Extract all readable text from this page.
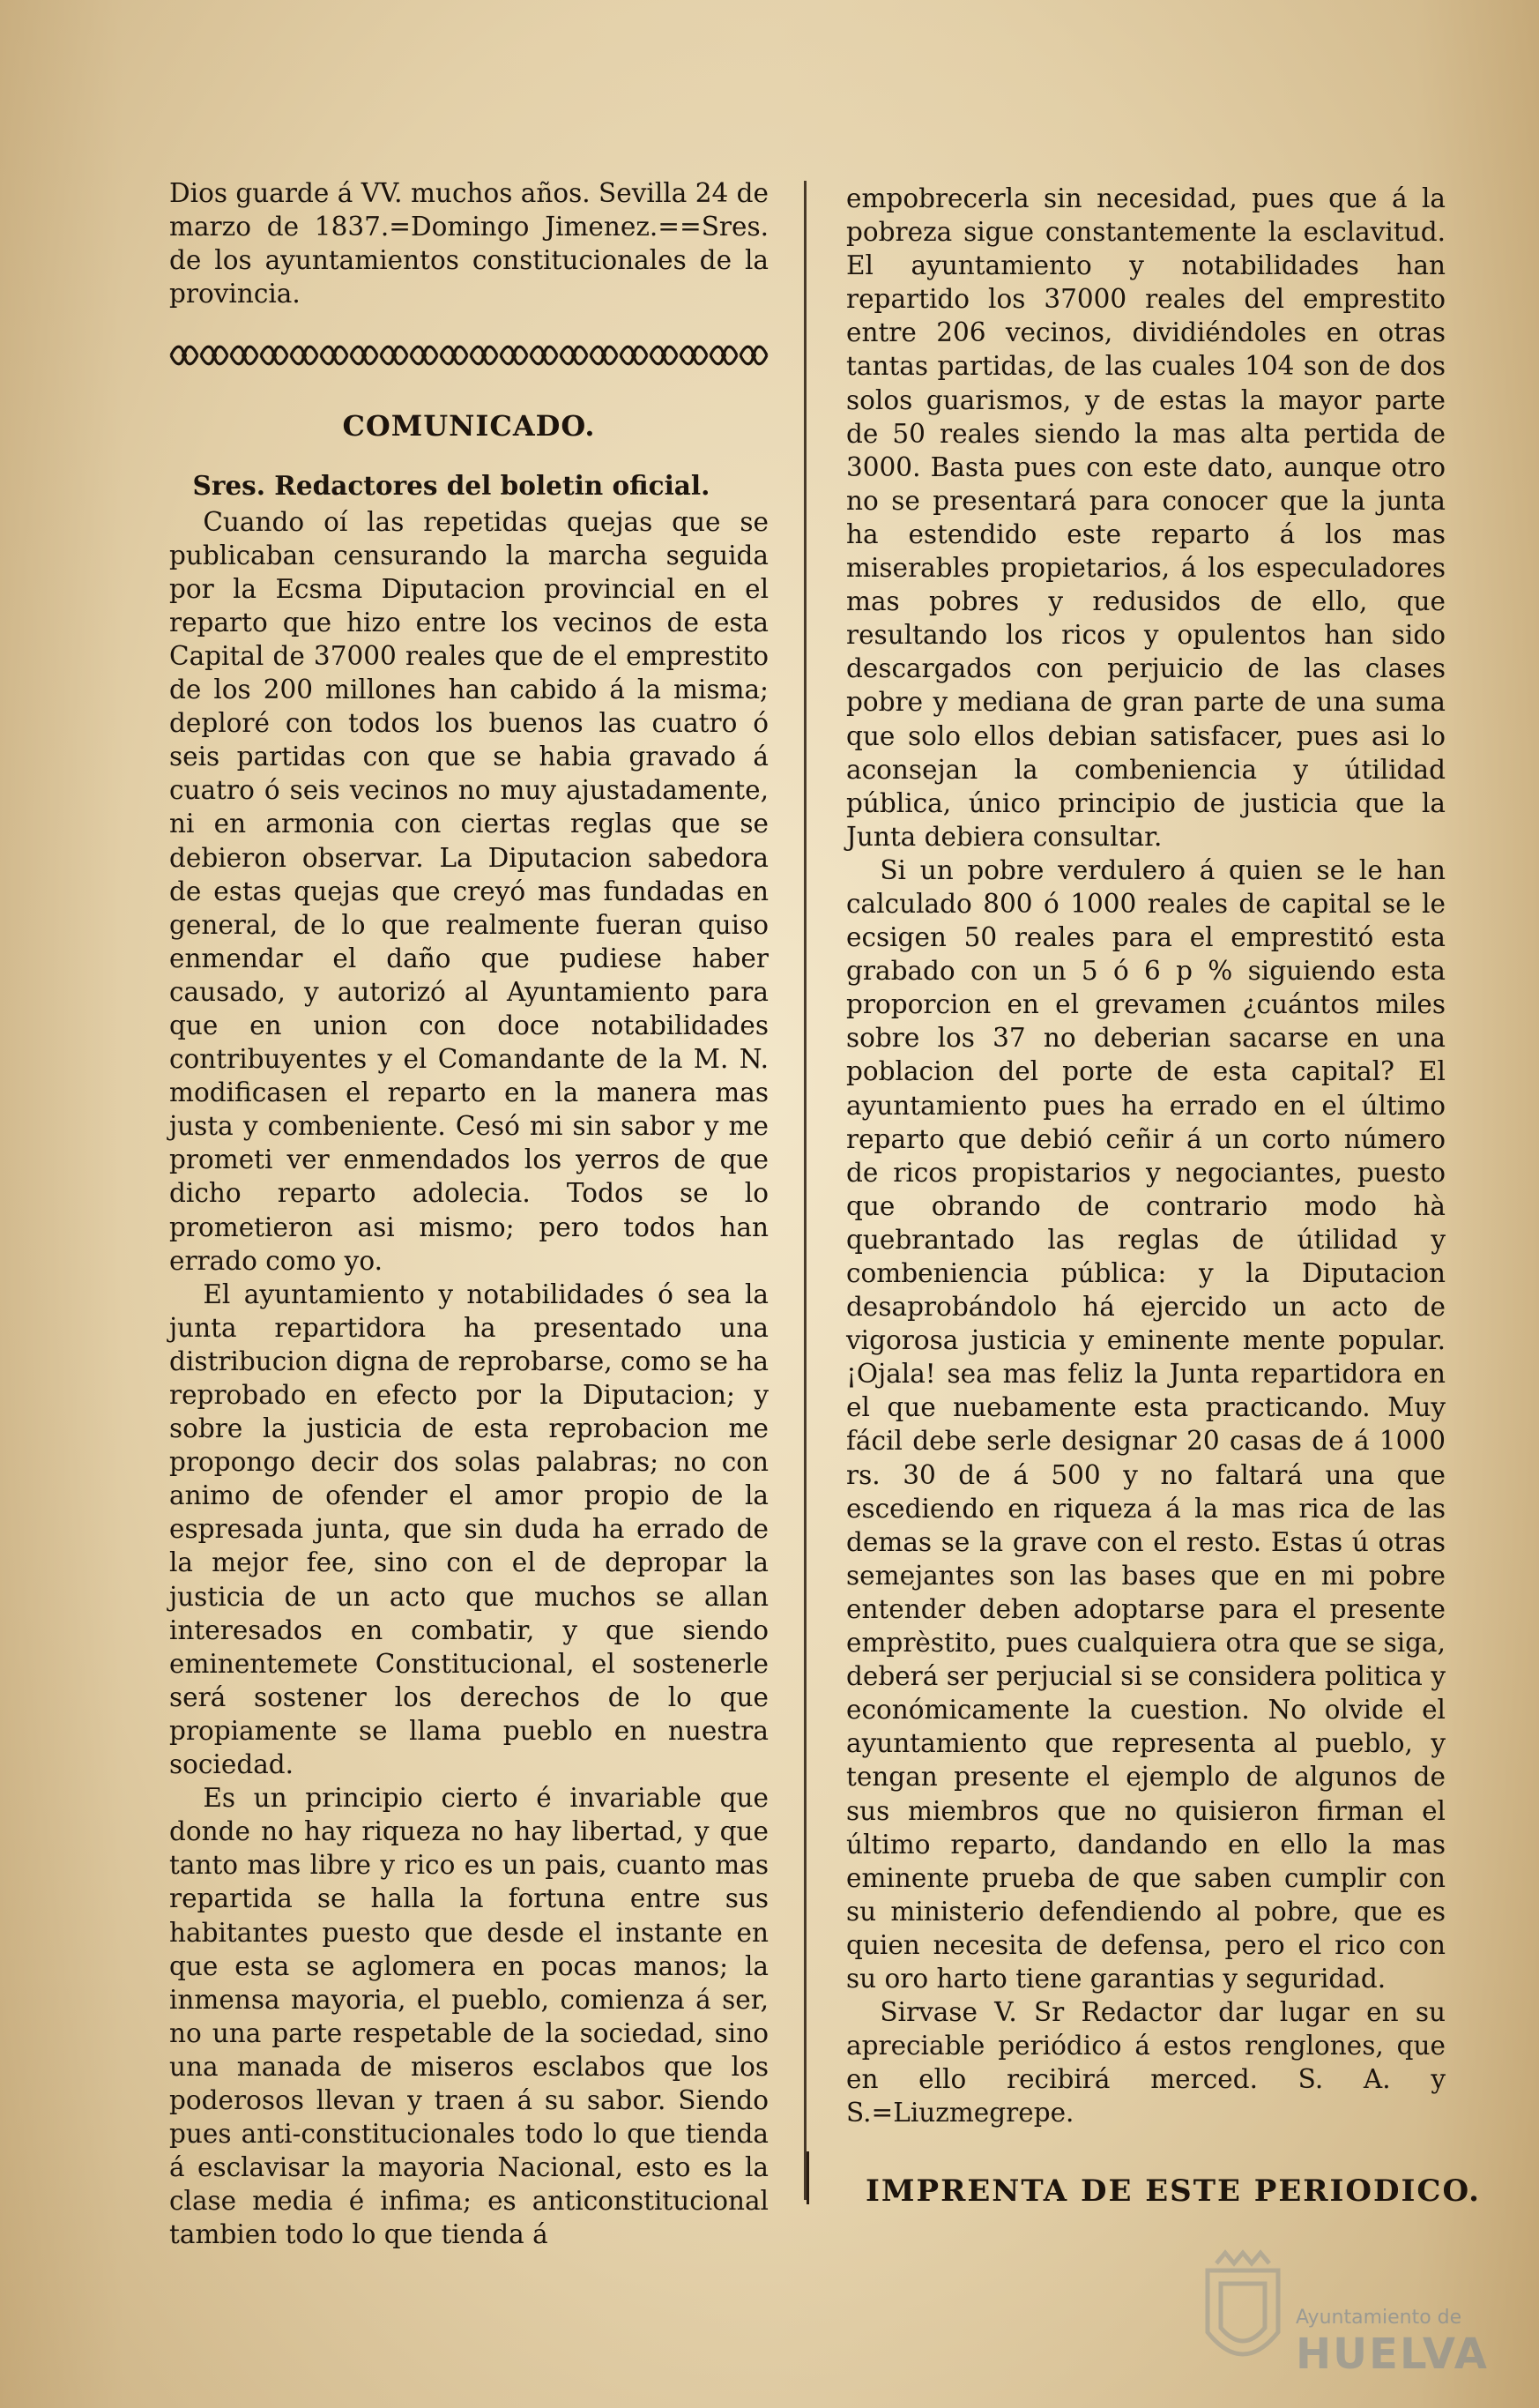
Dios guarde á VV. muchos años. Sevilla 24 de marzo de 1837.=Domingo Jimenez.==Sres. de los ayuntamientos constitucionales de la provincia.

COMUNICADO.

Sres. Redactores del boletin oficial.

Cuando oí las repetidas quejas que se publicaban censurando la marcha seguida por la Ecsma Diputacion provincial en el reparto que hizo entre los vecinos de esta Capital de 37000 reales que de el emprestito de los 200 millones han cabido á la misma; deploré con todos los buenos las cuatro ó seis partidas con que se habia gravado á cuatro ó seis vecinos no muy ajustadamente, ni en armonia con ciertas reglas que se debieron observar. La Diputacion sabedora de estas quejas que creyó mas fundadas en general, de lo que realmente fueran quiso enmendar el daño que pudiese haber causado, y autorizó al Ayuntamiento para que en union con doce notabilidades contribuyentes y el Comandante de la M. N. modificasen el reparto en la manera mas justa y combeniente. Cesó mi sin sabor y me prometi ver enmendados los yerros de que dicho reparto adolecia. Todos se lo prometieron asi mismo; pero todos han errado como yo.

El ayuntamiento y notabilidades ó sea la junta repartidora ha presentado una distribucion digna de reprobarse, como se ha reprobado en efecto por la Diputacion; y sobre la justicia de esta reprobacion me propongo decir dos solas palabras; no con animo de ofender el amor propio de la espresada junta, que sin duda ha errado de la mejor fee, sino con el de depropar la justicia de un acto que muchos se allan interesados en combatir, y que siendo eminentemete Constitucional, el sostenerle será sostener los derechos de lo que propiamente se llama pueblo en nuestra sociedad.

Es un principio cierto é invariable que donde no hay riqueza no hay libertad, y que tanto mas libre y rico es un pais, cuanto mas repartida se halla la fortuna entre sus habitantes puesto que desde el instante en que esta se aglomera en pocas manos; la inmensa mayoria, el pueblo, comienza á ser, no una parte respetable de la sociedad, sino una manada de miseros esclabos que los poderosos llevan y traen á su sabor. Siendo pues anti-constitucionales todo lo que tienda á esclavisar la mayoria Nacional, esto es la clase media é infima; es anticonstitucional tambien todo lo que tienda á

empobrecerla sin necesidad, pues que á la pobreza sigue constantemente la esclavitud. El ayuntamiento y notabilidades han repartido los 37000 reales del emprestito entre 206 vecinos, dividiéndoles en otras tantas partidas, de las cuales 104 son de dos solos guarismos, y de estas la mayor parte de 50 reales siendo la mas alta pertida de 3000. Basta pues con este dato, aunque otro no se presentará para conocer que la junta ha estendido este reparto á los mas miserables propietarios, á los especuladores mas pobres y redusidos de ello, que resultando los ricos y opulentos han sido descargados con perjuicio de las clases pobre y mediana de gran parte de una suma que solo ellos debian satisfacer, pues asi lo aconsejan la combeniencia y útilidad pública, único principio de justicia que la Junta debiera consultar.

Si un pobre verdulero á quien se le han calculado 800 ó 1000 reales de capital se le ecsigen 50 reales para el emprestitó esta grabado con un 5 ó 6 p % siguiendo esta proporcion en el grevamen ¿cuántos miles sobre los 37 no deberian sacarse en una poblacion del porte de esta capital? El ayuntamiento pues ha errado en el último reparto que debió ceñir á un corto número de ricos propistarios y negociantes, puesto que obrando de contrario modo hà quebrantado las reglas de útilidad y combeniencia pública: y la Diputacion desaprobándolo há ejercido un acto de vigorosa justicia y eminente mente popular. ¡Ojala! sea mas feliz la Junta repartidora en el que nuebamente esta practicando. Muy fácil debe serle designar 20 casas de á 1000 rs. 30 de á 500 y no faltará una que escediendo en riqueza á la mas rica de las demas se la grave con el resto. Estas ú otras semejantes son las bases que en mi pobre entender deben adoptarse para el presente emprèstito, pues cualquiera otra que se siga, deberá ser perjucial si se considera politica y económicamente la cuestion. No olvide el ayuntamiento que representa al pueblo, y tengan presente el ejemplo de algunos de sus miembros que no quisieron firman el último reparto, dandando en ello la mas eminente prueba de que saben cumplir con su ministerio defendiendo al pobre, que es quien necesita de defensa, pero el rico con su oro harto tiene garantias y seguridad.

Sirvase V. Sr Redactor dar lugar en su apreciable periódico á estos renglones, que en ello recibirá merced. S. A. y S.=Liuzmegrepe.

IMPRENTA DE ESTE PERIODICO.
Ayuntamiento de
HUELVA
